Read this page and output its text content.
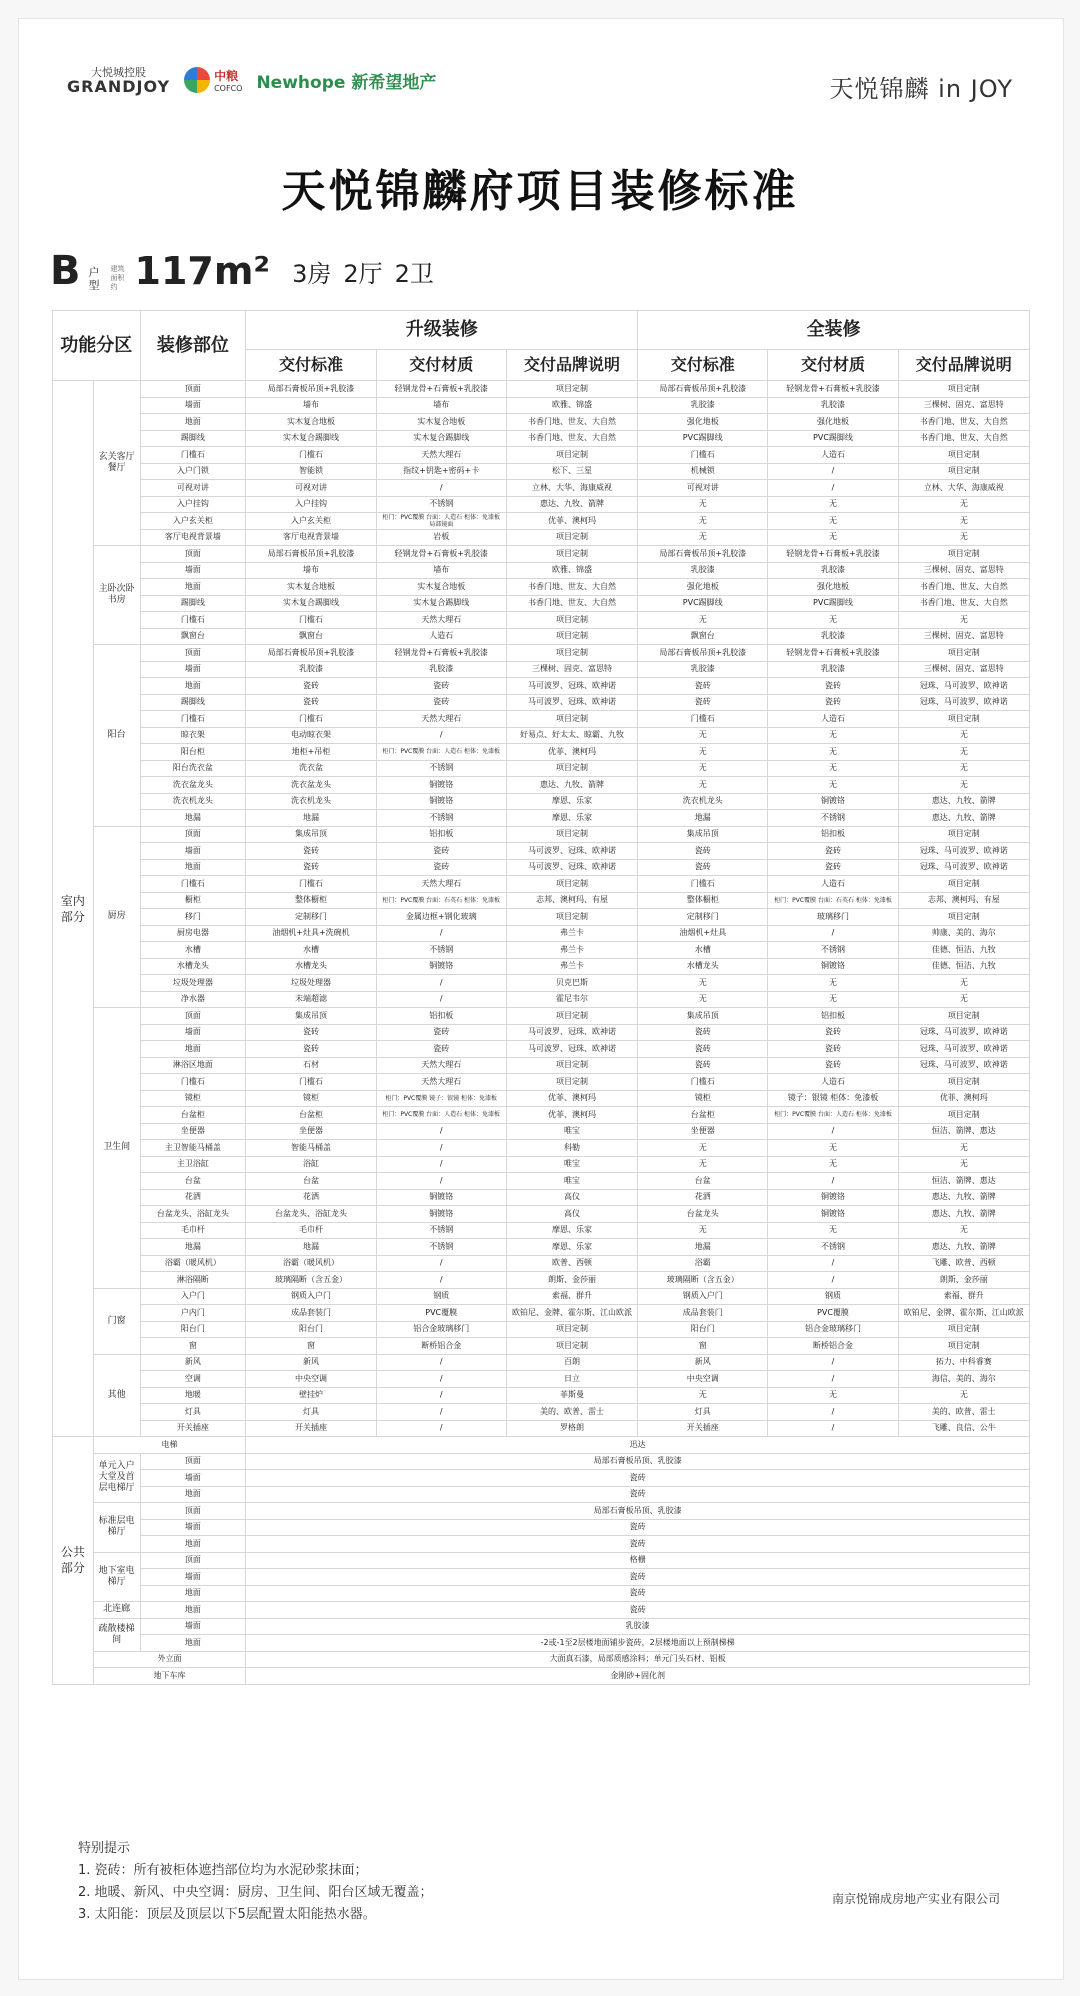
大悦城控股
GRANDJOY
中粮
COFCO Newhope 新希望地产	天悦锦麟 in JOY
天悦锦麟府项目装修标准
B 户型
建筑面积约 117m² 3房 2厅 2卫
功能分区		装修部位	升级装修			全装修		
			交付标准	交付材质	交付品牌说明	交付标准	交付材质	交付品牌说明
室内部分	玄关客厅餐厅	顶面	局部石膏板吊顶+乳胶漆	轻钢龙骨+石膏板+乳胶漆	项目定制	局部石膏板吊顶+乳胶漆	轻钢龙骨+石膏板+乳胶漆	项目定制
		墙面	墙布	墙布	欧雅、锦盛	乳胶漆	乳胶漆	三棵树、固克、富思特
		地面	实木复合地板	实木复合地板	书香门地、世友、大自然	强化地板	强化地板	书香门地、世友、大自然
		踢脚线	实木复合踢脚线	实木复合踢脚线	书香门地、世友、大自然	PVC踢脚线	PVC踢脚线	书香门地、世友、大自然
		门槛石	门槛石	天然大理石	项目定制	门槛石	人造石	项目定制
		入户门锁	智能锁	指纹+钥匙+密码+卡	松下、三星	机械锁	/	项目定制
		可视对讲	可视对讲	/	立林、大华、海康威视	可视对讲	/	立林、大华、海康威视
		入户挂钩	入户挂钩	不锈钢	惠达、九牧、箭牌	无	无	无
		入户玄关柜	入户玄关柜	柜门：PVC覆膜 台面：人造石 柜体：免漆板 局部镜面	优菲、澳柯玛	无	无	无
		客厅电视背景墙	客厅电视背景墙	岩板	项目定制	无	无	无
	主卧次卧书房	顶面	局部石膏板吊顶+乳胶漆	轻钢龙骨+石膏板+乳胶漆	项目定制	局部石膏板吊顶+乳胶漆	轻钢龙骨+石膏板+乳胶漆	项目定制
		墙面	墙布	墙布	欧雅、锦盛	乳胶漆	乳胶漆	三棵树、固克、富思特
		地面	实木复合地板	实木复合地板	书香门地、世友、大自然	强化地板	强化地板	书香门地、世友、大自然
		踢脚线	实木复合踢脚线	实木复合踢脚线	书香门地、世友、大自然	PVC踢脚线	PVC踢脚线	书香门地、世友、大自然
		门槛石	门槛石	天然大理石	项目定制	无	无	无
		飘窗台	飘窗台	人造石	项目定制	飘窗台	乳胶漆	三棵树、固克、富思特
	阳台	顶面	局部石膏板吊顶+乳胶漆	轻钢龙骨+石膏板+乳胶漆	项目定制	局部石膏板吊顶+乳胶漆	轻钢龙骨+石膏板+乳胶漆	项目定制
		墙面	乳胶漆	乳胶漆	三棵树、固克、富思特	乳胶漆	乳胶漆	三棵树、固克、富思特
		地面	瓷砖	瓷砖	马可波罗、冠珠、欧神诺	瓷砖	瓷砖	冠珠、马可波罗、欧神诺
		踢脚线	瓷砖	瓷砖	马可波罗、冠珠、欧神诺	瓷砖	瓷砖	冠珠、马可波罗、欧神诺
		门槛石	门槛石	天然大理石	项目定制	门槛石	人造石	项目定制
		晾衣架	电动晾衣架	/	好易点、好太太、晾霸、九牧	无	无	无
		阳台柜	地柜+吊柜	柜门：PVC覆膜 台面：人造石 柜体：免漆板	优菲、澳柯玛	无	无	无
		阳台洗衣盆	洗衣盆	不锈钢	项目定制	无	无	无
		洗衣盆龙头	洗衣盆龙头	铜镀铬	惠达、九牧、箭牌	无	无	无
		洗衣机龙头	洗衣机龙头	铜镀铬	摩恩、乐家	洗衣机龙头	铜镀铬	惠达、九牧、箭牌
		地漏	地漏	不锈钢	摩恩、乐家	地漏	不锈钢	惠达、九牧、箭牌
	厨房	顶面	集成吊顶	铝扣板	项目定制	集成吊顶	铝扣板	项目定制
		墙面	瓷砖	瓷砖	马可波罗、冠珠、欧神诺	瓷砖	瓷砖	冠珠、马可波罗、欧神诺
		地面	瓷砖	瓷砖	马可波罗、冠珠、欧神诺	瓷砖	瓷砖	冠珠、马可波罗、欧神诺
		门槛石	门槛石	天然大理石	项目定制	门槛石	人造石	项目定制
		橱柜	整体橱柜	柜门：PVC覆膜 台面：石英石 柜体：免漆板	志邦、澳柯玛、有屋	整体橱柜	柜门：PVC覆膜 台面：石英石 柜体：免漆板	志邦、澳柯玛、有屋
		移门	定制移门	金属边框+钢化玻璃	项目定制	定制移门	玻璃移门	项目定制
		厨房电器	油烟机+灶具+洗碗机	/	弗兰卡	油烟机+灶具	/	帅康、美的、海尔
		水槽	水槽	不锈钢	弗兰卡	水槽	不锈钢	佳德、恒洁、九牧
		水槽龙头	水槽龙头	铜镀铬	弗兰卡	水槽龙头	铜镀铬	佳德、恒洁、九牧
		垃圾处理器	垃圾处理器	/	贝克巴斯	无	无	无
		净水器	末端超滤	/	霍尼韦尔	无	无	无
	卫生间	顶面	集成吊顶	铝扣板	项目定制	集成吊顶	铝扣板	项目定制
		墙面	瓷砖	瓷砖	马可波罗、冠珠、欧神诺	瓷砖	瓷砖	冠珠、马可波罗、欧神诺
		地面	瓷砖	瓷砖	马可波罗、冠珠、欧神诺	瓷砖	瓷砖	冠珠、马可波罗、欧神诺
		淋浴区地面	石材	天然大理石	项目定制	瓷砖	瓷砖	冠珠、马可波罗、欧神诺
		门槛石	门槛石	天然大理石	项目定制	门槛石	人造石	项目定制
		镜柜	镜柜	柜门：PVC覆膜 镜子：银镜 柜体：免漆板	优菲、澳柯玛	镜柜	镜子：银镜 柜体：免漆板	优菲、澳柯玛
		台盆柜	台盆柜	柜门：PVC覆膜 台面：人造石 柜体：免漆板	优菲、澳柯玛	台盆柜	柜门：PVC覆膜 台面：人造石 柜体：免漆板	项目定制
		坐便器	坐便器	/	唯宝	坐便器	/	恒洁、箭牌、惠达
		主卫智能马桶盖	智能马桶盖	/	科勒	无	无	无
		主卫浴缸	浴缸	/	唯宝	无	无	无
		台盆	台盆	/	唯宝	台盆	/	恒洁、箭牌、惠达
		花洒	花洒	铜镀铬	高仪	花洒	铜镀铬	惠达、九牧、箭牌
		台盆龙头、浴缸龙头	台盆龙头、浴缸龙头	铜镀铬	高仪	台盆龙头	铜镀铬	惠达、九牧、箭牌
		毛巾杆	毛巾杆	不锈钢	摩恩、乐家	无	无	无
		地漏	地漏	不锈钢	摩恩、乐家	地漏	不锈钢	惠达、九牧、箭牌
		浴霸（暖风机）	浴霸（暖风机）	/	欧普、西顿	浴霸	/	飞雕、欧普、西顿
		淋浴隔断	玻璃隔断（含五金）	/	朗斯、金莎丽	玻璃隔断（含五金）	/	朗斯、金莎丽
	门窗	入户门	钢质入户门	钢质	索福、群升	钢质入户门	钢质	索福、群升
		户内门	成品套装门	PVC覆膜	欧铂尼、金牌、霍尔斯、江山欧派	成品套装门	PVC覆膜	欧铂尼、金牌、霍尔斯、江山欧派
		阳台门	阳台门	铝合金玻璃移门	项目定制	阳台门	铝合金玻璃移门	项目定制
		窗	窗	断桥铝合金	项目定制	窗	断桥铝合金	项目定制
	其他	新风	新风	/	百朗	新风	/	拓力、中科睿赛
		空调	中央空调	/	日立	中央空调	/	海信、美的、海尔
		地暖	壁挂炉	/	菲斯曼	无	无	无
		灯具	灯具	/	美的、欧普、雷士	灯具	/	美的、欧普、雷士
		开关插座	开关插座	/	罗格朗	开关插座	/	飞雕、良信、公牛
公共部分	电梯		迅达					
	单元入户大堂及首层电梯厅	顶面	局部石膏板吊顶、乳胶漆					
		墙面	瓷砖					
		地面	瓷砖					
	标准层电梯厅	顶面	局部石膏板吊顶、乳胶漆					
		墙面	瓷砖					
		地面	瓷砖					
	地下室电梯厅	顶面	格栅					
		墙面	瓷砖					
		地面	瓷砖					
	北连廊	地面	瓷砖					
	疏散楼梯间	墙面	乳胶漆					
		地面	-2或-1至2层楼地面铺步瓷砖，2层楼地面以上预制梯梯					
	外立面		大面真石漆，局部质感涂料；单元门头石材、铝板					
	地下车库		金刚砂+固化剂					
特别提示
1. 瓷砖：所有被柜体遮挡部位均为水泥砂浆抹面；
2. 地暖、新风、中央空调：厨房、卫生间、阳台区域无覆盖；
3. 太阳能：顶层及顶层以下5层配置太阳能热水器。
南京悦锦成房地产实业有限公司
